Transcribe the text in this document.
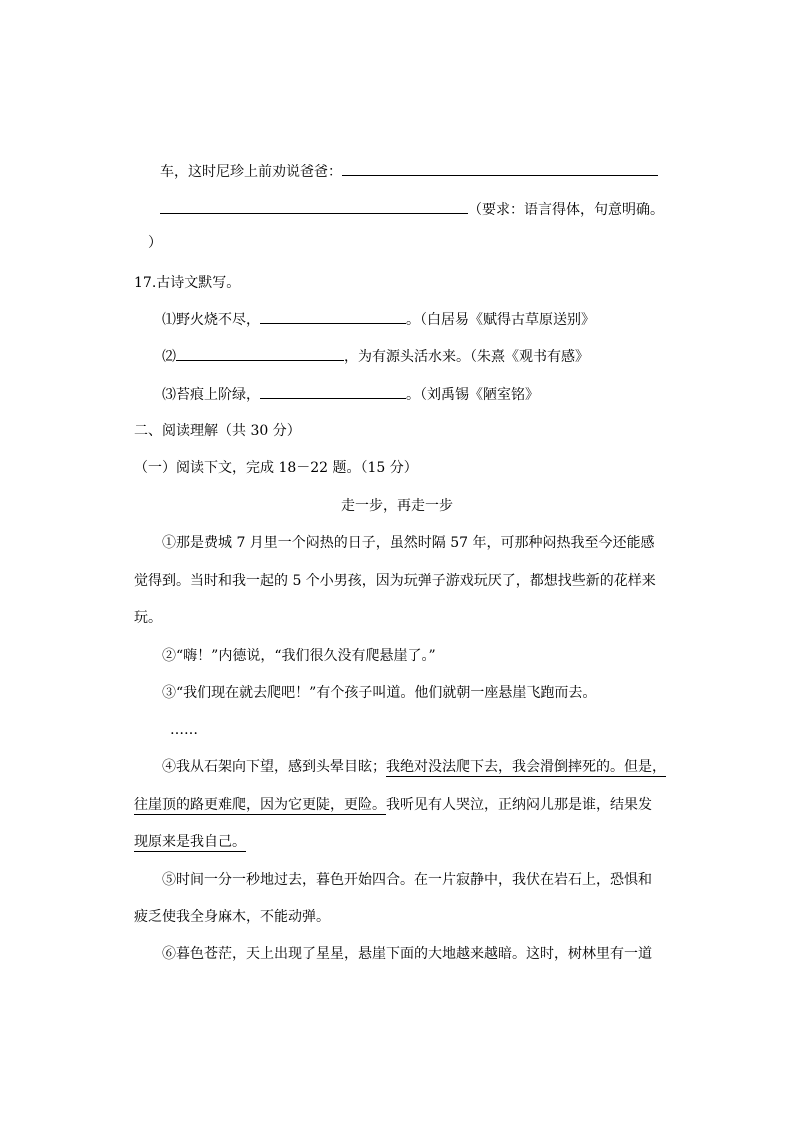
车，这时尼珍上前劝说爸爸：
（要求：语言得体，句意明确。
）
17.古诗文默写。
⑴野火烧不尽，	。（白居易《赋得古草原送别》
⑵	，为有源头活水来。（朱熹《观书有感》
⑶苔痕上阶绿，	。（刘禹锡《陋室铭》
二、阅读理解（共 30 分）
（一）阅读下文，完成 18－22 题。（15 分）
走一步，再走一步
①那是费城 7 月里一个闷热的日子，虽然时隔 57 年，可那种闷热我至今还能感
觉得到。当时和我一起的 5 个小男孩，因为玩弹子游戏玩厌了，都想找些新的花样来
玩。
②“嗨！”内德说，“我们很久没有爬悬崖了。”
③“我们现在就去爬吧！”有个孩子叫道。他们就朝一座悬崖飞跑而去。
……
④我从石架向下望，感到头晕目眩；我绝对没法爬下去，我会滑倒摔死的。但是，
往崖顶的路更难爬，因为它更陡，更险。我听见有人哭泣，正纳闷儿那是谁，结果发
现原来是我自己。
⑤时间一分一秒地过去，暮色开始四合。在一片寂静中，我伏在岩石上，恐惧和
疲乏使我全身麻木，不能动弹。
⑥暮色苍茫，天上出现了星星，悬崖下面的大地越来越暗。这时，树林里有一道
